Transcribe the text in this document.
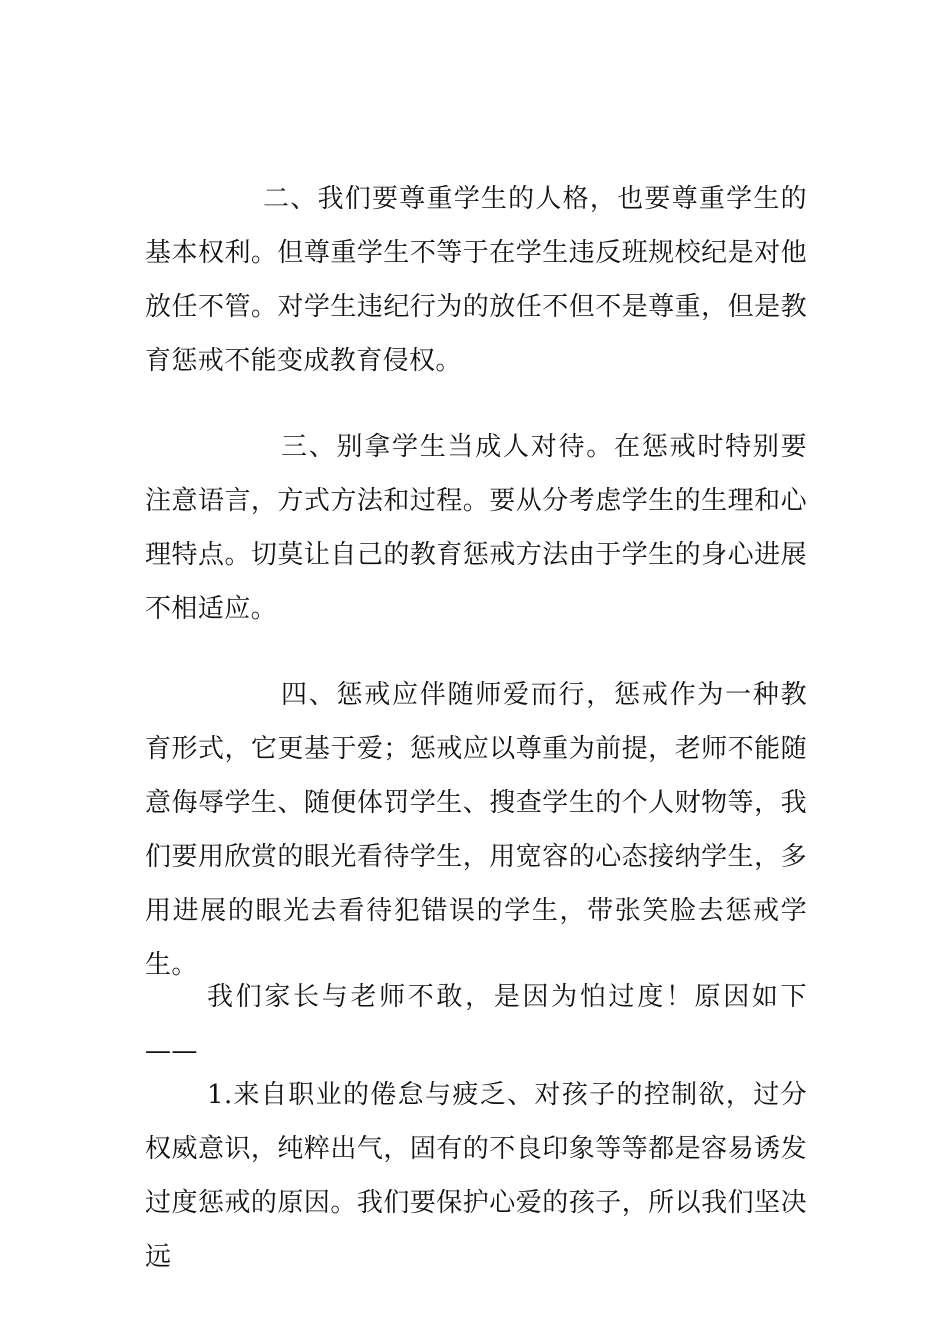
二、我们要尊重学生的人格，也要尊重学生的基本权利。但尊重学生不等于在学生违反班规校纪是对他放任不管。对学生违纪行为的放任不但不是尊重，但是教育惩戒不能变成教育侵权。

三、别拿学生当成人对待。在惩戒时特别要注意语言，方式方法和过程。要从分考虑学生的生理和心理特点。切莫让自己的教育惩戒方法由于学生的身心进展不相适应。

四、惩戒应伴随师爱而行，惩戒作为一种教育形式，它更基于爱；惩戒应以尊重为前提，老师不能随意侮辱学生、随便体罚学生、搜查学生的个人财物等，我们要用欣赏的眼光看待学生，用宽容的心态接纳学生，多用进展的眼光去看待犯错误的学生，带张笑脸去惩戒学生。

我们家长与老师不敢，是因为怕过度！原因如下——

1.来自职业的倦怠与疲乏、对孩子的控制欲，过分权威意识，纯粹出气，固有的不良印象等等都是容易诱发过度惩戒的原因。我们要保护心爱的孩子，所以我们坚决远
